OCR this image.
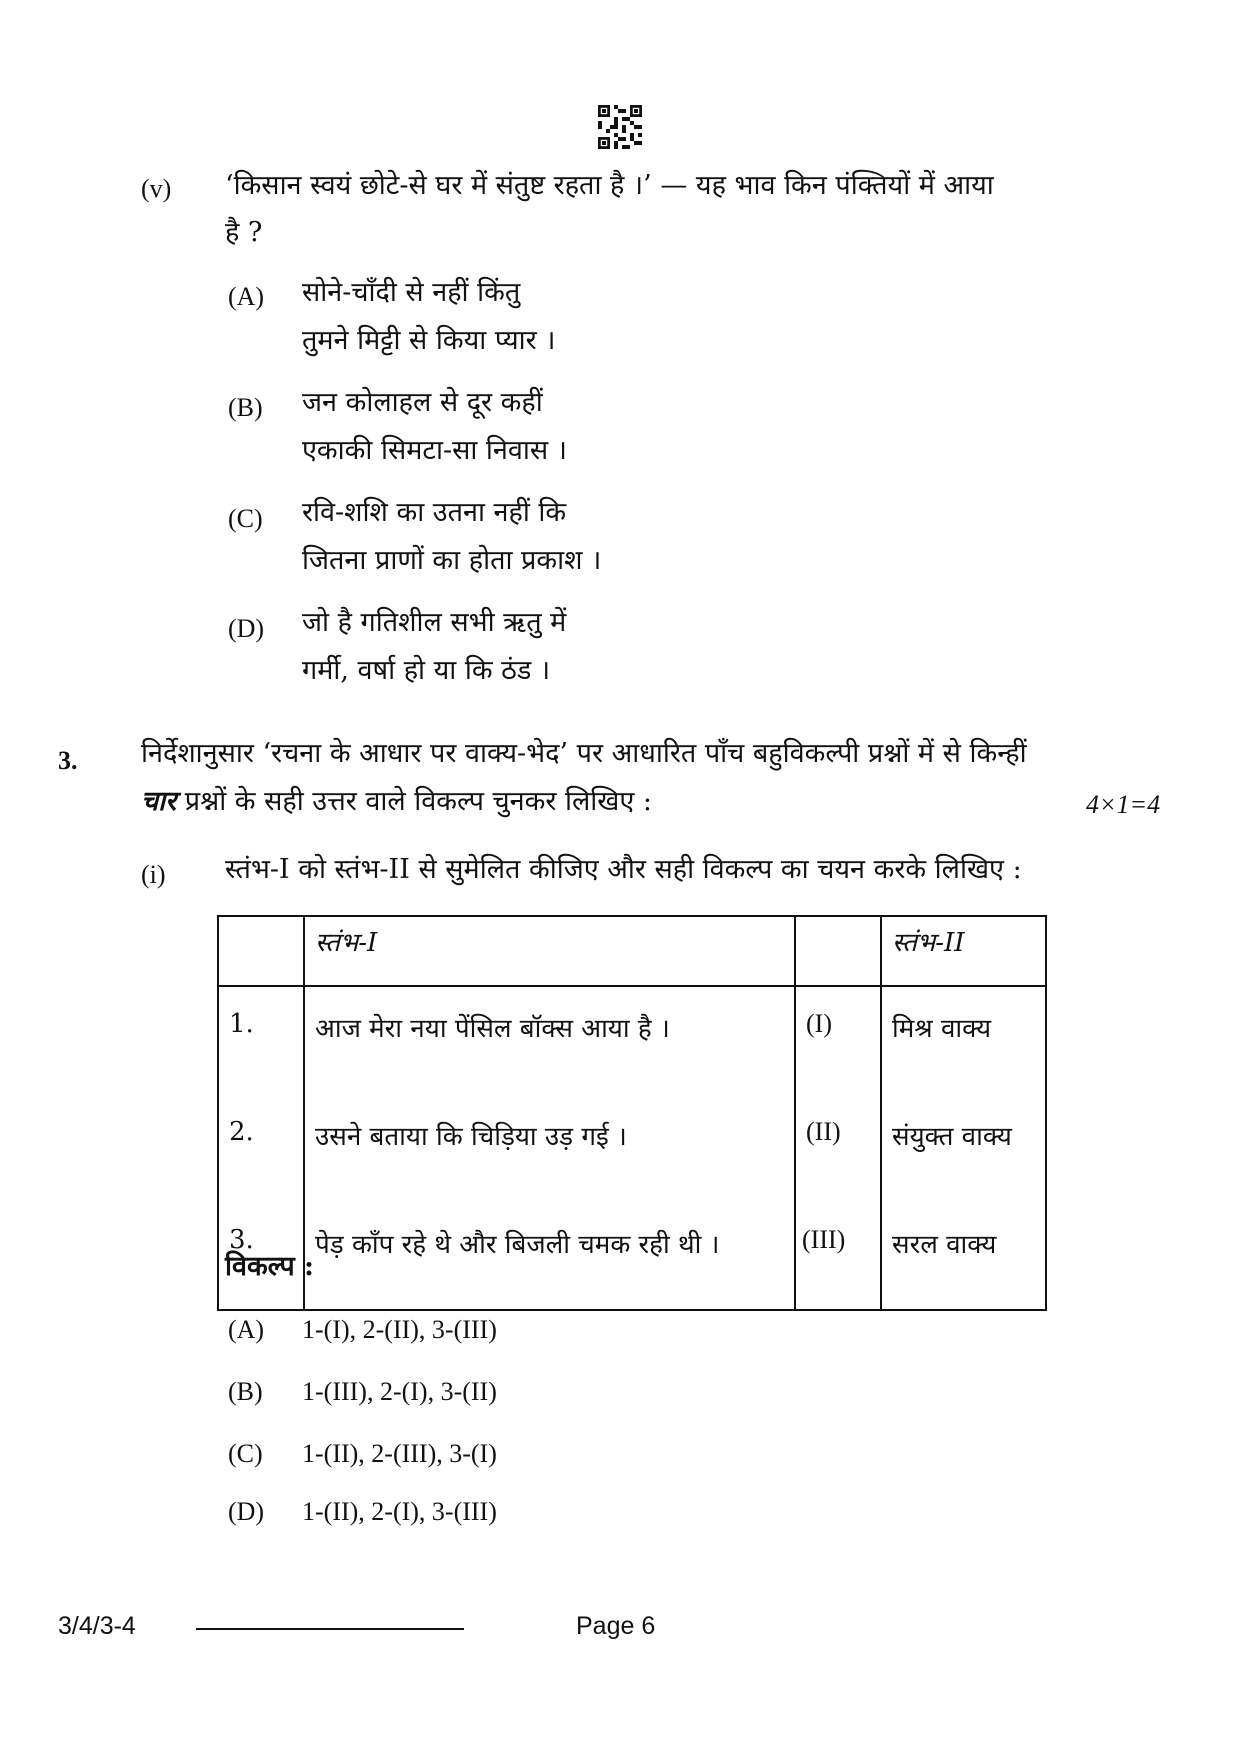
(v) ‘किसान स्वयं छोटे-से घर में संतुष्ट रहता है ।’ — यह भाव किन पंक्तियों में आया
है ?
(A) सोने-चाँदी से नहीं किंतु
तुमने मिट्टी से किया प्यार ।
(B) जन कोलाहल से दूर कहीं
एकाकी सिमटा-सा निवास ।
(C) रवि-शशि का उतना नहीं कि
जितना प्राणों का होता प्रकाश ।
(D) जो है गतिशील सभी ऋतु में
गर्मी, वर्षा हो या कि ठंड ।
3. निर्देशानुसार ‘रचना के आधार पर वाक्य-भेद’ पर आधारित पाँच बहुविकल्पी प्रश्नों में से किन्हीं
चार प्रश्नों के सही उत्तर वाले विकल्प चुनकर लिखिए :	4×1=4
(i) स्तंभ-I को स्तंभ-II से सुमेलित कीजिए और सही विकल्प का चयन करके लिखिए :
	स्तंभ-I		स्तंभ-II
1.	आज मेरा नया पेंसिल बॉक्स आया है ।	(I)	मिश्र वाक्य
2.	उसने बताया कि चिड़िया उड़ गई ।	(II)	संयुक्त वाक्य
3.	पेड़ काँप रहे थे और बिजली चमक रही थी ।	(III)	सरल वाक्य
विकल्प :
(A) 1-(I), 2-(II), 3-(III)
(B) 1-(III), 2-(I), 3-(II)
(C) 1-(II), 2-(III), 3-(I)
(D) 1-(II), 2-(I), 3-(III)
3/4/3-4	Page 6
